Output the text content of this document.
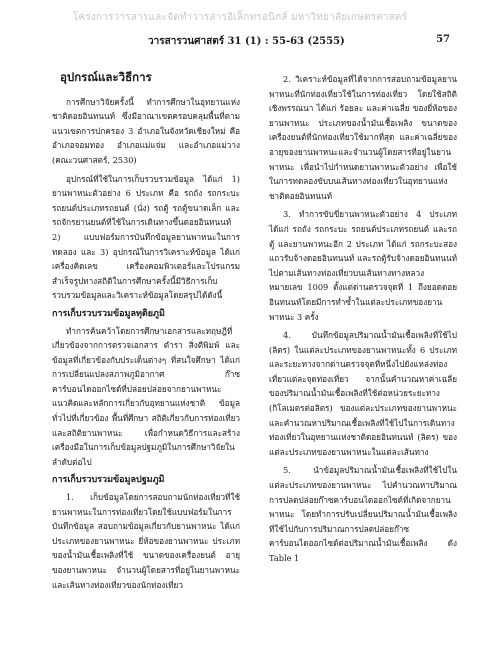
โครงการวารสารและจัดทำวารสารอิเล็กทรอนิกส์ มหาวิทยาลัยเกษตรศาสตร์
วารสารวนศาสตร์ 31 (1) : 55-63 (2555)	57
อุปกรณ์และวิธีการ

การศึกษาวิจัยครั้งนี้ ทำการศึกษาในอุทยานแห่งชาติดอยอินทนนท์ ซึ่งมีอาณาเขตครอบคลุมพื้นที่ตามแนวเขตการปกครอง 3 อำเภอในจังหวัดเชียงใหม่ คือ อำเภอจอมทอง อำเภอแม่แจ่ม และอำเภอแม่วาง (คณะวนศาสตร์, 2530)

อุปกรณ์ที่ใช้ในการเก็บรวบรวมข้อมูล ได้แก่ 1) ยานพาหนะตัวอย่าง 6 ประเภท คือ รถถัง รถกระบะ รถยนต์ประเภทรถยนต์ (นั่ง) รถตู้ รถตู้ขนาดเล็ก และรถจักรยานยนต์ที่ใช้ในการเดินทางขึ้นดอยอินทนนท์ 2) แบบฟอร์มการบันทึกข้อมูลยานพาหนะในการทดลอง และ 3) อุปกรณ์ในการวิเคราะห์ข้อมูล ได้แก่ เครื่องคิดเลข เครื่องคอมพิวเตอร์และโปรแกรมสำเร็จรูปทางสถิติในการศึกษาครั้งนี้มีวิธีการเก็บรวบรวมข้อมูลและวิเคราะห์ข้อมูลโดยสรุปได้ดังนี้

การเก็บรวบรวมข้อมูลทุติยภูมิ

ทำการค้นคว้าโดยการศึกษาเอกสารและทฤษฎีที่เกี่ยวข้องจากการตรวจเอกสาร ตำรา สิ่งตีพิมพ์ และข้อมูลที่เกี่ยวข้องกับประเด็นต่างๆ ที่สนใจศึกษา ได้แก่ การเปลี่ยนแปลงสภาพภูมิอากาศ ก๊าซคาร์บอนไดออกไซด์ที่ปล่อยปล่อยจากยานพาหนะ แนวคิดและหลักการเกี่ยวกับอุทยานแห่งชาติ ข้อมูลทั่วไปที่เกี่ยวข้อง พื้นที่ศึกษา สถิติเกี่ยวกับการท่องเที่ยว และสถิติยานพาหนะ เพื่อกำหนดวิธีการและสร้างเครื่องมือในการเก็บข้อมูลปฐมภูมิในการศึกษาวิจัยในลำดับต่อไป

การเก็บรวบรวมข้อมูลปฐมภูมิ

1. เก็บข้อมูลโดยการสอบถามนักท่องเที่ยวที่ใช้ยานพาหนะในการท่องเที่ยวโดยใช้แบบฟอร์มในการบันทึกข้อมูล สอบถามข้อมูลเกี่ยวกับยานพาหนะ ได้แก่ ประเภทของยานพาหนะ ยี่ห้อของยานพาหนะ ประเภทของน้ำมันเชื้อเพลิงที่ใช้ ขนาดของเครื่องยนต์ อายุของยานพาหนะ จำนวนผู้โดยสารที่อยู่ในยานพาหนะ และเส้นทางท่องเที่ยวของนักท่องเที่ยว

2. วิเคราะห์ข้อมูลที่ได้จากการสอบถามข้อมูลยานพาหนะที่นักท่องเที่ยวใช้ในการท่องเที่ยว โดยใช้สถิติเชิงพรรณนา ได้แก่ ร้อยละ และค่าเฉลี่ย ของยี่ห้อของยานพาหนะ ประเภทของน้ำมันเชื้อเพลิง ขนาดของเครื่องยนต์ที่นักท่องเที่ยวใช้มากที่สุด และค่าเฉลี่ยของอายุของยานพาหนะและจำนวนผู้โดยสารที่อยู่ในยานพาหนะ เพื่อนำไปกำหนดยานพาหนะตัวอย่าง เพื่อใช้ในการทดลองขับบนเส้นทางท่องเที่ยวในอุทยานแห่งชาติดอยอินทนนท์

3. ทำการขับขี่ยานพาหนะตัวอย่าง 4 ประเภท ได้แก่ รถถัง รถกระบะ รถยนต์ประเภทรถยนต์ และรถตู้ และยานพาหนะอีก 2 ประเภท ได้แก่ รถกระบะสองแถวรับจ้างดอยอินทนนท์ และรถตู้รับจ้างดอยอินทนนท์ ไปตามเส้นทางท่องเที่ยวบนเส้นทางทางหลวงหมายเลข 1009 ตั้งแต่ด่านตรวจจุดที่ 1 ถึงยอดดอยอินทนนท์โดยมีการทำซ้ำในแต่ละประเภทของยานพาหนะ 3 ครั้ง

4. บันทึกข้อมูลปริมาณน้ำมันเชื้อเพลิงที่ใช้ไป (ลิตร) ในแต่ละประเภทของยานพาหนะทั้ง 6 ประเภท และระยะทางจากด่านตรวจจุดที่หนึ่งไปยังแหล่งท่องเที่ยวแต่ละจุดท่องเที่ยว จากนั้นคำนวณหาค่าเฉลี่ยของปริมาณน้ำมันเชื้อเพลิงที่ใช้ต่อหน่วยระยะทาง (กิโลเมตรต่อลิตร) ของแต่ละประเภทของยานพาหนะ และคำนวณหาปริมาณเชื้อเพลิงที่ใช้ไปในการเดินทางท่องเที่ยวในอุทยานแห่งชาติดอยอินทนนท์ (ลิตร) ของแต่ละประเภทของยานพาหนะในแต่ละเส้นทาง

5. นำข้อมูลปริมาณน้ำมันเชื้อเพลิงที่ใช้ไปในแต่ละประเภทของยานพาหนะ ไปคำนวณหาปริมาณการปลดปล่อยก๊าซคาร์บอนไดออกไซด์ที่เกิดจากยานพาหนะ โดยทำการปรับเปลี่ยนปริมาณน้ำมันเชื้อเพลิงที่ใช้ไปกับการปริมาณการปลดปล่อยก๊าซคาร์บอนไดออกไซด์ต่อปริมาณน้ำมันเชื้อเพลิง ดัง Table 1
